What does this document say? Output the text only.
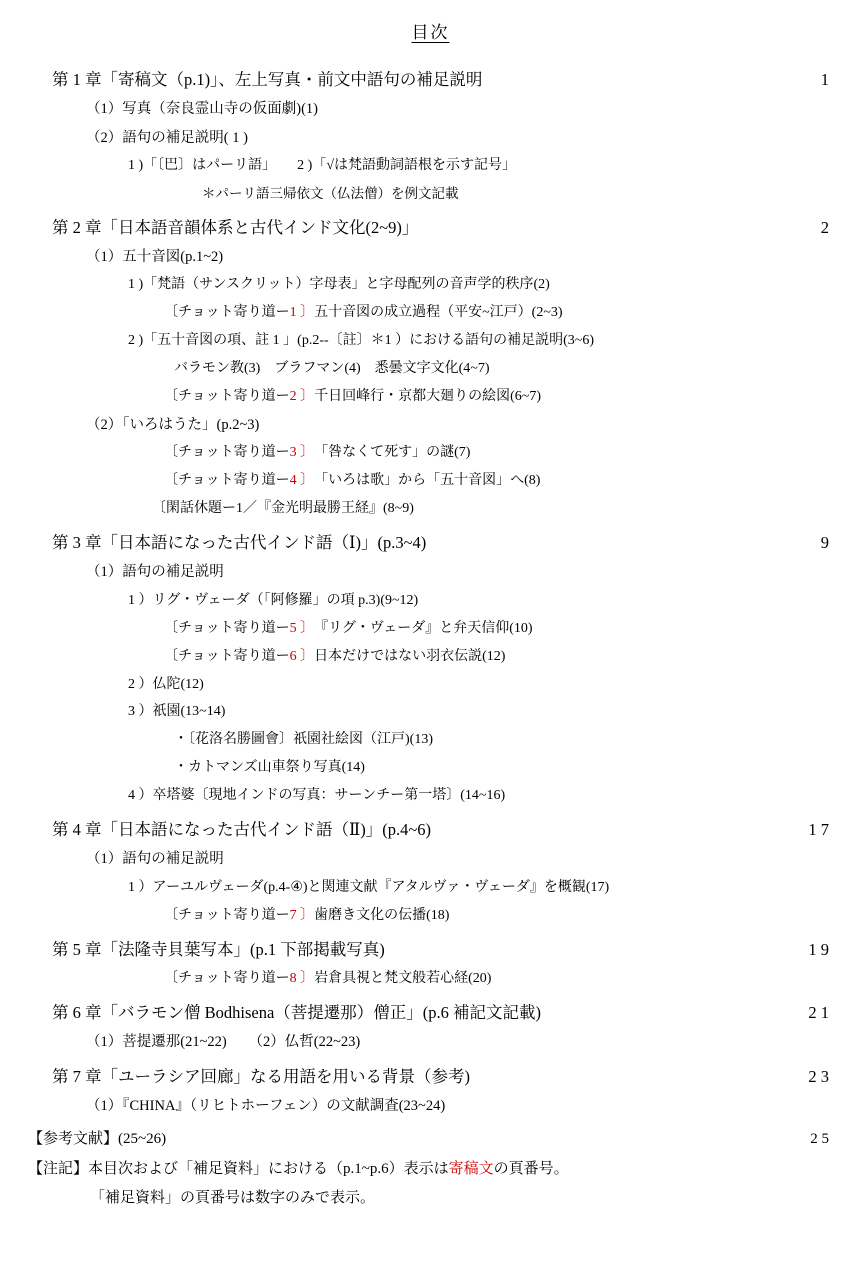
目次
第 1 章「寄稿文（p.1)」、左上写真・前文中語句の補足説明	1
（1）写真（奈良霊山寺の仮面劇)(1)
（2）語句の補足説明( 1 )
1 )「〔巴〕はパーリ語」　　2 )「√は梵語動詞語根を示す記号」
＊パーリ語三帰依文（仏法僧）を例文記載
第 2 章「日本語音韻体系と古代インド文化(2~9)」	2
（1）五十音図(p.1~2)
1 )「梵語（サンスクリット）字母表」と字母配列の音声学的秩序(2)
〔チョット寄り道ー1 〕五十音図の成立過程（平安~江戸）(2~3)
2 )「五十音図の項、註 1 」(p.2--〔註〕＊1 ）における語句の補足説明(3~6)
バラモン教(3)　ブラフマン(4)　悉曇文字文化(4~7)
〔チョット寄り道ー2 〕千日回峰行・京都大廻りの絵図(6~7)
（2）「いろはうた」(p.2~3)
〔チョット寄り道ー3 〕「咎なくて死す」の謎(7)
〔チョット寄り道ー4 〕「いろは歌」から「五十音図」へ(8)
〔閑話休題ー1／『金光明最勝王経』(8~9)
第 3 章「日本語になった古代インド語（Ⅰ)」(p.3~4)	9
（1）語句の補足説明
1 ）リグ・ヴェーダ（「阿修羅」の項 p.3)(9~12)
〔チョット寄り道ー5 〕『リグ・ヴェーダ』と弁天信仰(10)
〔チョット寄り道ー6 〕日本だけではない羽衣伝説(12)
2 ）仏陀(12)
3 ）祇園(13~14)
・〔花洛名勝圖會〕祇園社絵図（江戸)(13)
・カトマンズ山車祭り写真(14)
4 ）卒塔婆〔現地インドの写真：サーンチー第一塔〕(14~16)
第 4 章「日本語になった古代インド語（Ⅱ)」(p.4~6)	1 7
（1）語句の補足説明
1 ）アーユルヴェーダ(p.4-④)と関連文献『アタルヴァ・ヴェーダ』を概観(17)
〔チョット寄り道ー7 〕歯磨き文化の伝播(18)
第 5 章「法隆寺貝葉写本」(p.1 下部掲載写真)	1 9
〔チョット寄り道ー8 〕岩倉具視と梵文般若心経(20)
第 6 章「バラモン僧 Bodhisena（菩提遷那）僧正」(p.6 補記文記載)	2 1
（1）菩提遷那(21~22)　　（2）仏哲(22~23)
第 7 章「ユーラシア回廊」なる用語を用いる背景（参考)	2 3
（1）『CHINA』（リヒトホーフェン）の文献調査(23~24)
【参考文献】(25~26)	2 5
【注記】本目次および「補足資料」における（p.1~p.6）表示は寄稿文の頁番号。
「補足資料」の頁番号は数字のみで表示。
